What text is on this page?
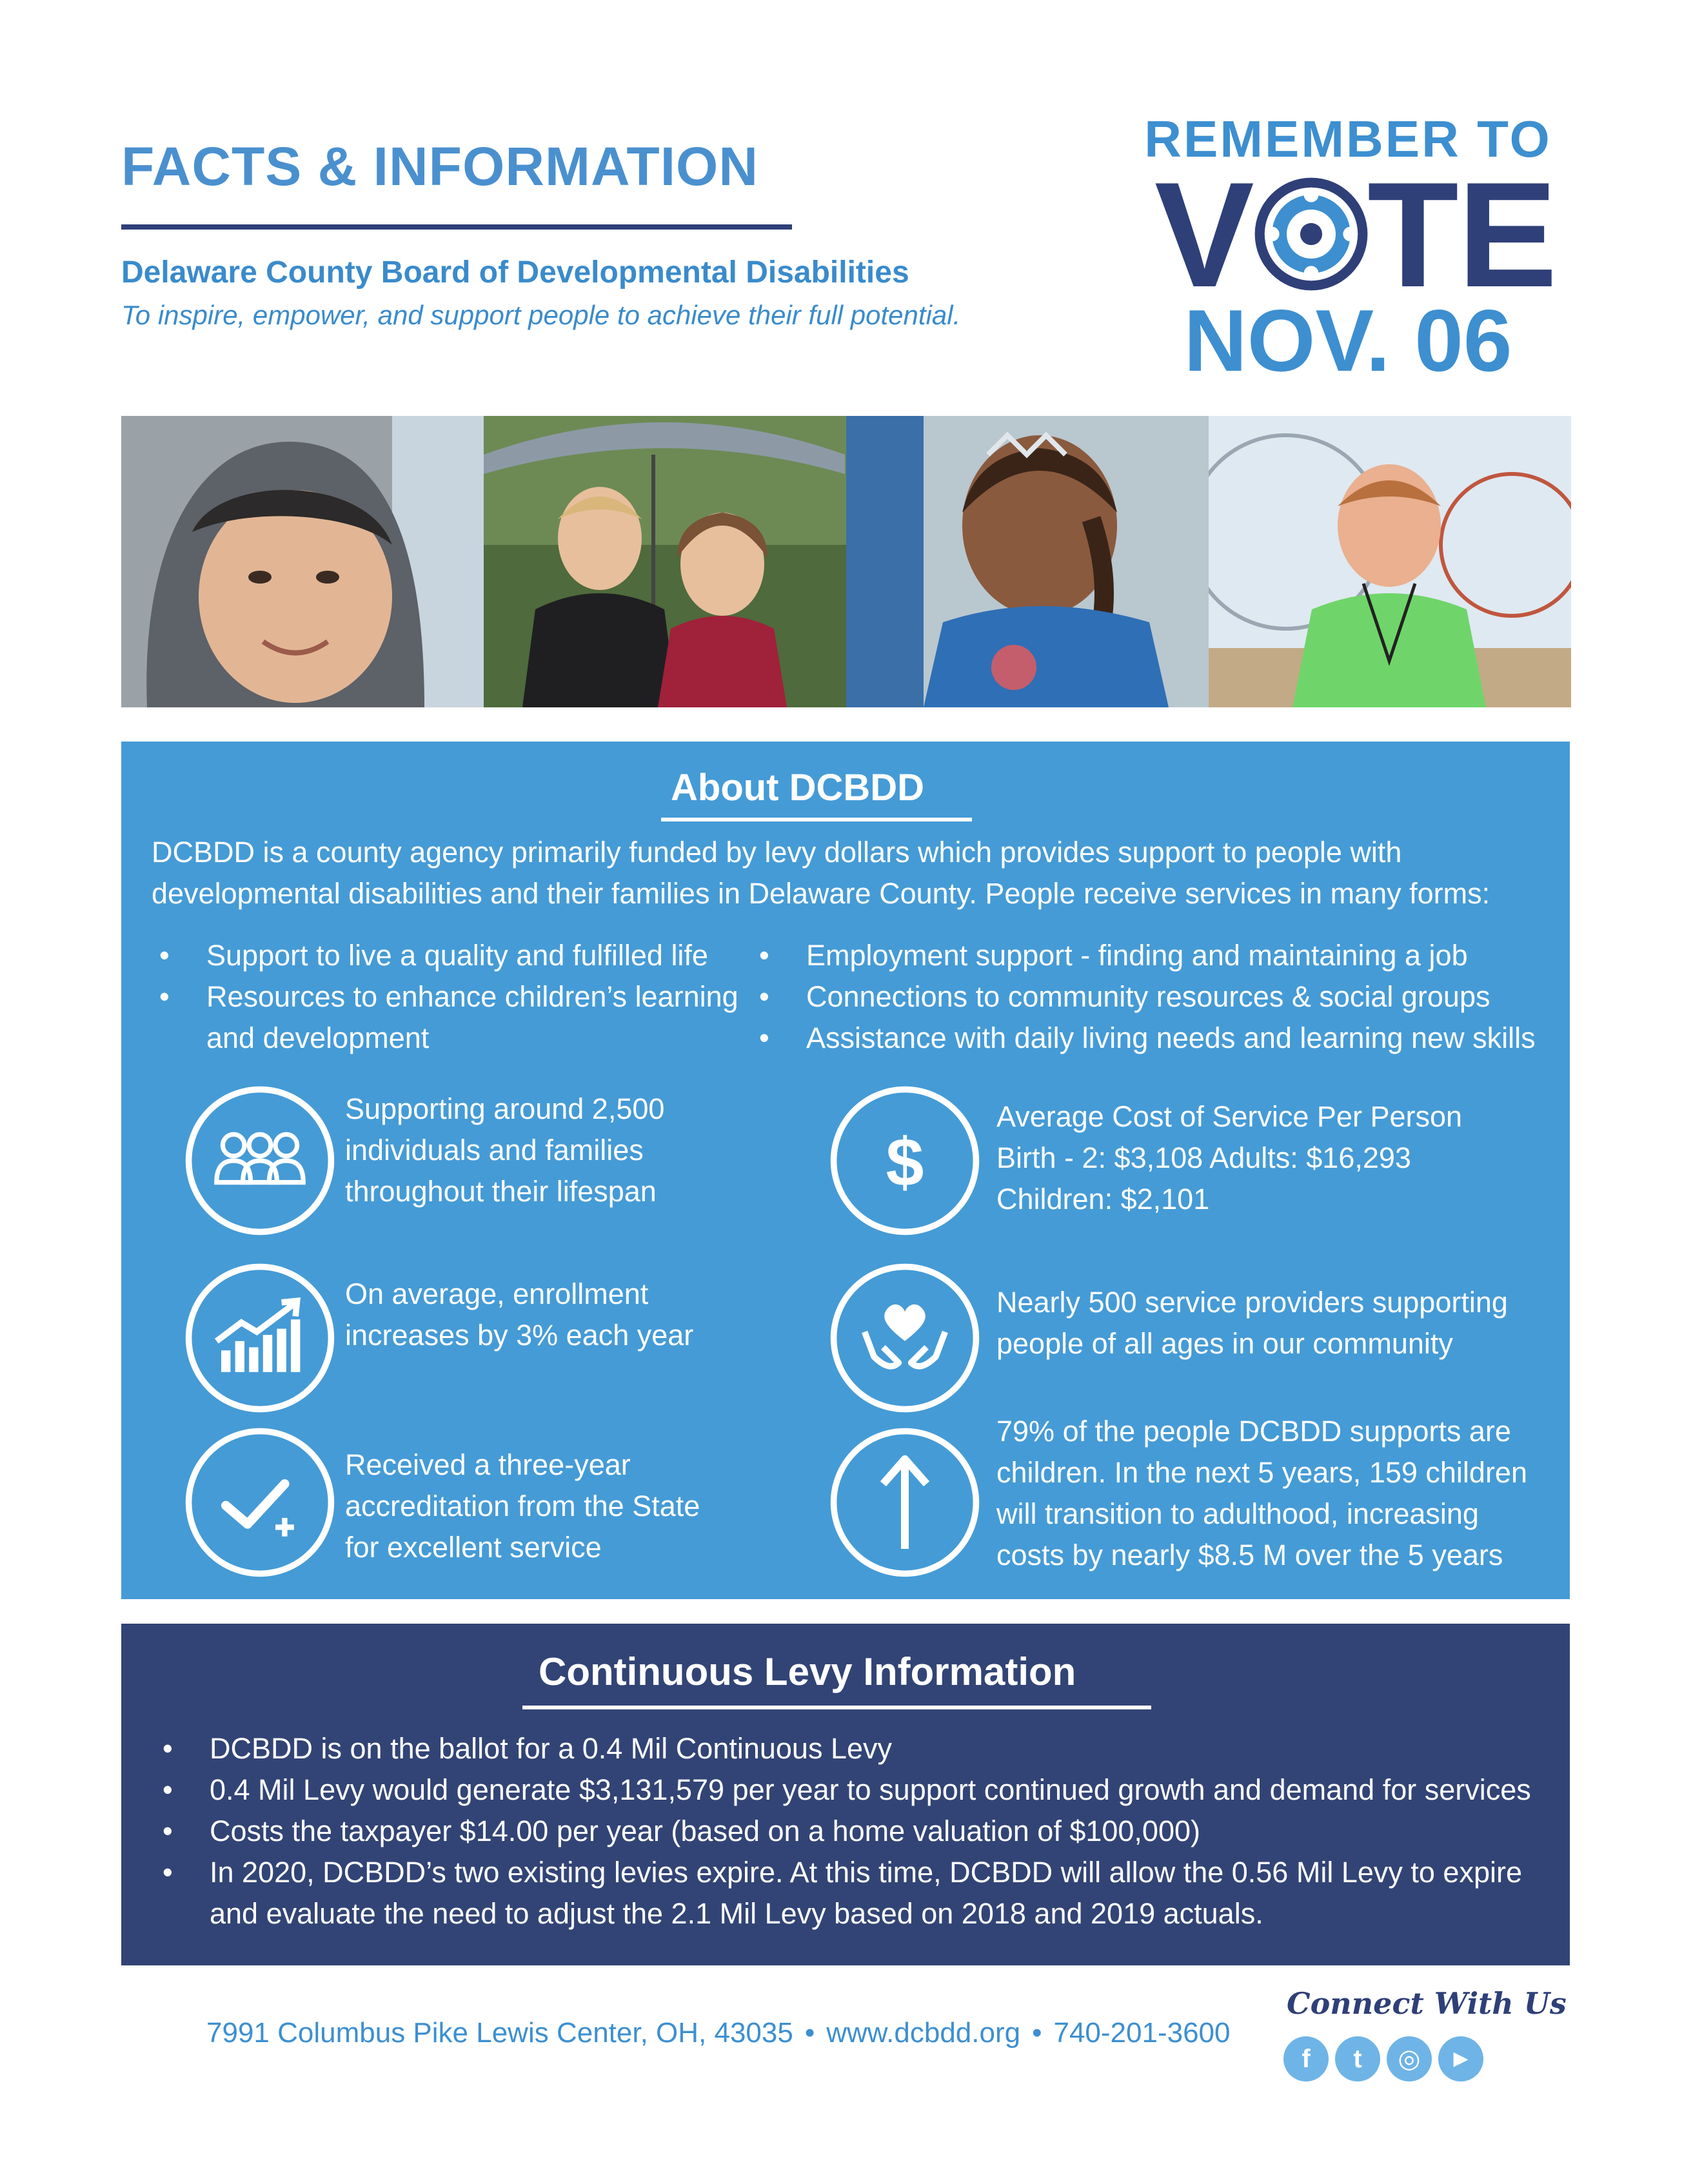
FACTS & INFORMATION
Delaware County Board of Developmental Disabilities
To inspire, empower, and support people to achieve their full potential.
REMEMBER TO
V T
E
NOV. 06
About DCBDD
DCBDD is a county agency primarily funded by levy dollars which provides support to people with developmental disabilities and their families in Delaware County. People receive services in many forms:
• Support to live a quality and fulfilled life
• Resources to enhance children’s learning and development
• Employment support - finding and maintaining a job
• Connections to community resources & social groups
• Assistance with daily living needs and learning new skills
Supporting around 2,500
individuals and families
throughout their lifespan
On average, enrollment
increases by 3% each year
Received a three-year
accreditation from the State
for excellent service
$
Average Cost of Service Per Person
Birth - 2: $3,108 Adults: $16,293
Children: $2,101
Nearly 500 service providers supporting
people of all ages in our community
79% of the people DCBDD supports are
children. In the next 5 years, 159 children
will transition to adulthood, increasing
costs by nearly $8.5 M over the 5 years
Continuous Levy Information
• DCBDD is on the ballot for a 0.4 Mil Continuous Levy
• 0.4 Mil Levy would generate $3,131,579 per year to support continued growth and demand for services
• Costs the taxpayer $14.00 per year (based on a home valuation of $100,000)
• In 2020, DCBDD’s two existing levies expire. At this time, DCBDD will allow the 0.56 Mil Levy to expire and evaluate the need to adjust the 2.1 Mil Levy based on 2018 and 2019 actuals.
7991 Columbus Pike Lewis Center, OH, 43035 • www.dcbdd.org • 740-201-3600
Connect With Us
f	t	◎	▶
